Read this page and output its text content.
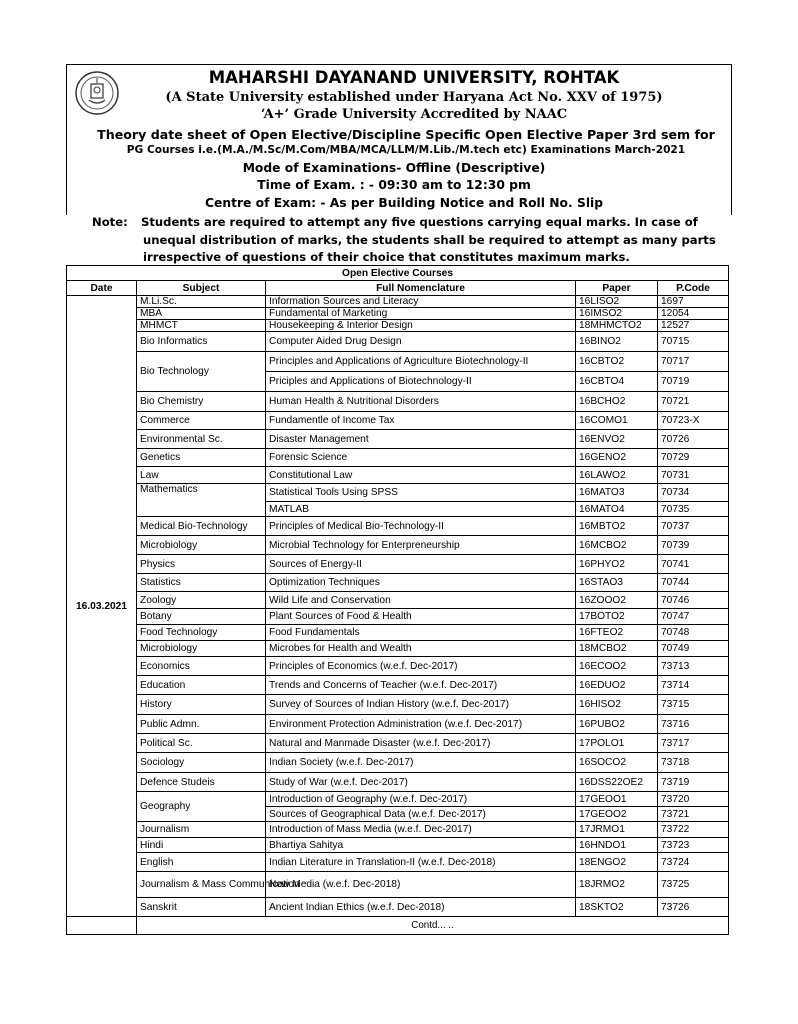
MAHARSHI DAYANAND UNIVERSITY, ROHTAK
(A State University established under Haryana Act No. XXV of 1975)
‘A+’ Grade University Accredited by NAAC
Theory date sheet of Open Elective/Discipline Specific Open Elective Paper 3rd sem for
PG Courses i.e.(M.A./M.Sc/M.Com/MBA/MCA/LLM/M.Lib./M.tech etc) Examinations March-2021
Mode of Examinations- Offline (Descriptive)
Time of Exam. : - 09:30 am to 12:30 pm
Centre of Exam: - As per Building Notice and Roll No. Slip
Note: Students are required to attempt any five questions carrying equal marks. In case of
unequal distribution of marks, the students shall be required to attempt as many parts
irrespective of questions of their choice that constitutes maximum marks.
Open Elective Courses				
Date	Subject	Full Nomenclature	Paper	P.Code
16.03.2021	M.Li.Sc.	Information Sources and Literacy	16LISO2	1697
	MBA	Fundamental of Marketing	16IMSO2	12054
	MHMCT	Housekeeping & Interior Design	18MHMCTO2	12527
	Bio Informatics	Computer Aided Drug Design	16BINO2	70715
	Bio Technology	Principles and Applications of Agriculture Biotechnology-II	16CBTO2	70717
		Priciples and Applications of Biotechnology-II	16CBTO4	70719
	Bio Chemistry	Human Health & Nutritional Disorders	16BCHO2	70721
	Commerce	Fundamentle of Income Tax	16COMO1	70723-X
	Environmental Sc.	Disaster Management	16ENVO2	70726
	Genetics	Forensic Science	16GENO2	70729
	Law	Constitutional Law	16LAWO2	70731
	Mathematics	Statistical Tools Using SPSS	16MATO3	70734
		MATLAB	16MATO4	70735
	Medical Bio-Technology	Principles of Medical Bio-Technology-II	16MBTO2	70737
	Microbiology	Microbial Technology for Enterpreneurship	16MCBO2	70739
	Physics	Sources of Energy-II	16PHYO2	70741
	Statistics	Optimization Techniques	16STAO3	70744
	Zoology	Wild Life and Conservation	16ZOOO2	70746
	Botany	Plant Sources of Food & Health	17BOTO2	70747
	Food Technology	Food Fundamentals	16FTEO2	70748
	Microbiology	Microbes for Health and Wealth	18MCBO2	70749
	Economics	Principles of Economics (w.e.f. Dec-2017)	16ECOO2	73713
	Education	Trends and Concerns of Teacher (w.e.f. Dec-2017)	16EDUO2	73714
	History	Survey of Sources of Indian History (w.e.f. Dec-2017)	16HISO2	73715
	Public Admn.	Environment Protection Administration (w.e.f. Dec-2017)	16PUBO2	73716
	Political Sc.	Natural and Manmade Disaster (w.e.f. Dec-2017)	17POLO1	73717
	Sociology	Indian Society (w.e.f. Dec-2017)	16SOCO2	73718
	Defence Studeis	Study of War (w.e.f. Dec-2017)	16DSS22OE2	73719
	Geography	Introduction of Geography (w.e.f. Dec-2017)	17GEOO1	73720
		Sources of Geographical Data (w.e.f. Dec-2017)	17GEOO2	73721
	Journalism	Introduction of Mass Media (w.e.f. Dec-2017)	17JRMO1	73722
	Hindi	Bhartiya Sahitya	16HNDO1	73723
	English	Indian Literature in Translation-II (w.e.f. Dec-2018)	18ENGO2	73724
	Journalism & Mass Communication	New Media (w.e.f. Dec-2018)	18JRMO2	73725
	Sanskrit	Ancient Indian Ethics (w.e.f. Dec-2018)	18SKTO2	73726
	Contd... ..			
